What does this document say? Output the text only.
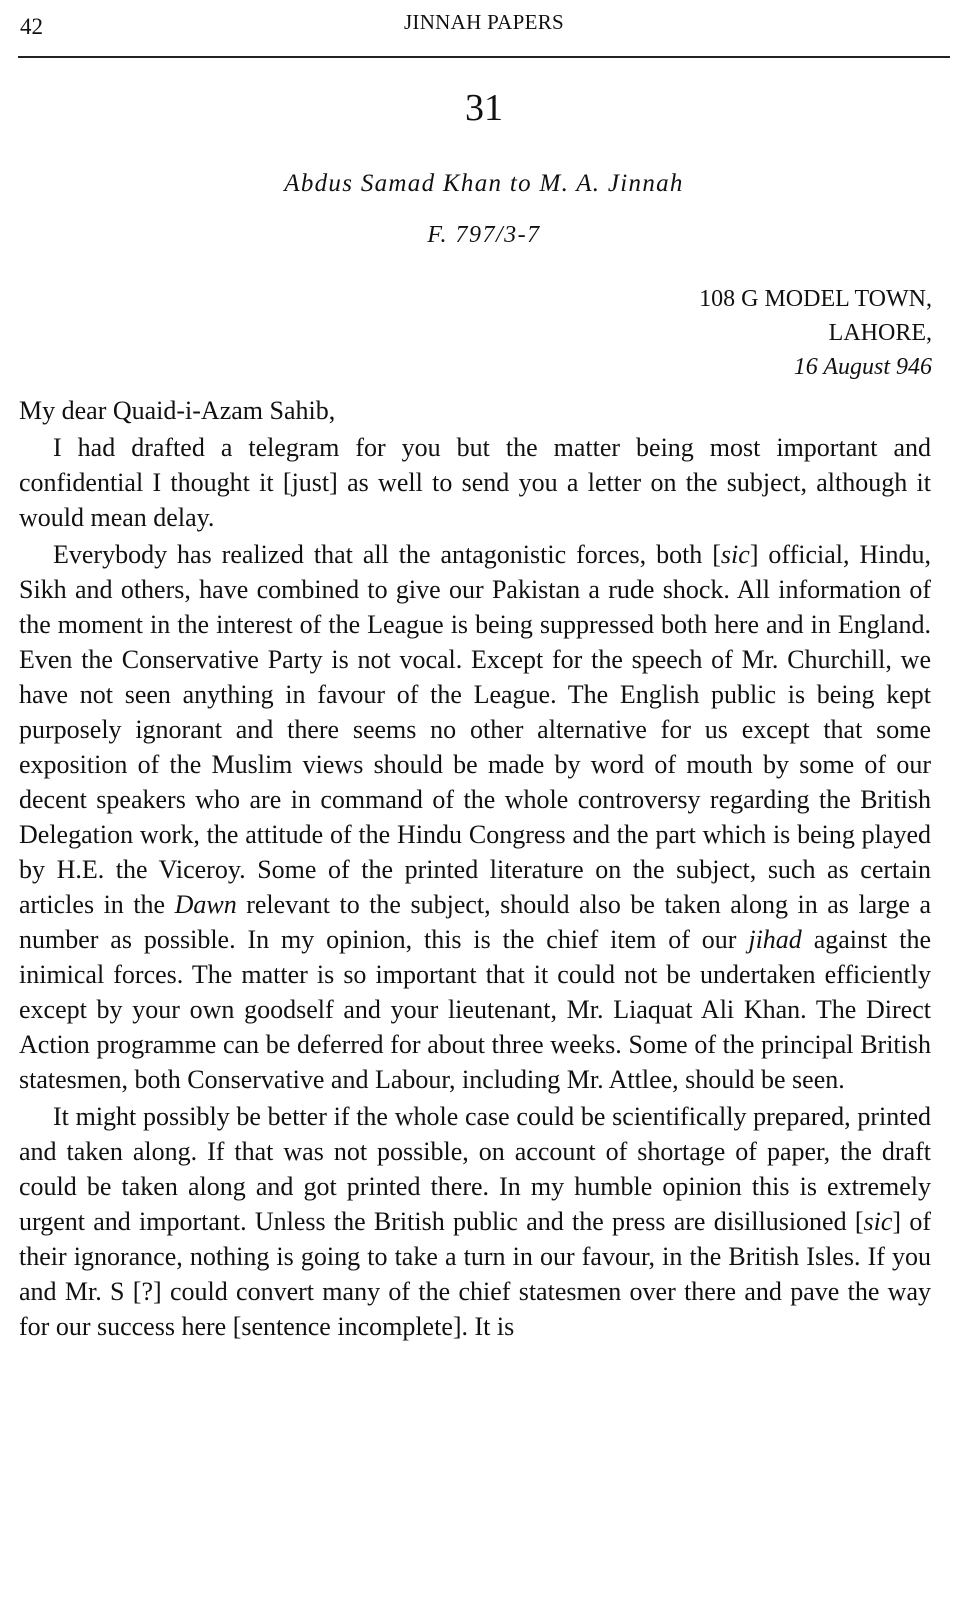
42	JINNAH PAPERS
31
Abdus Samad Khan to M. A. Jinnah
F. 797/3-7
108 G MODEL TOWN,
LAHORE,
16 August 946

My dear Quaid-i-Azam Sahib,

I had drafted a telegram for you but the matter being most important and confidential I thought it [just] as well to send you a letter on the subject, although it would mean delay.

Everybody has realized that all the antagonistic forces, both [sic] official, Hindu, Sikh and others, have combined to give our Pakistan a rude shock. All information of the moment in the interest of the League is being suppressed both here and in England. Even the Conservative Party is not vocal. Except for the speech of Mr. Churchill, we have not seen anything in favour of the League. The English public is being kept purposely ignorant and there seems no other alternative for us except that some exposition of the Muslim views should be made by word of mouth by some of our decent speakers who are in command of the whole controversy regarding the British Delegation work, the attitude of the Hindu Congress and the part which is being played by H.E. the Viceroy. Some of the printed literature on the subject, such as certain articles in the Dawn relevant to the subject, should also be taken along in as large a number as possible. In my opinion, this is the chief item of our jihad against the inimical forces. The matter is so important that it could not be undertaken efficiently except by your own goodself and your lieutenant, Mr. Liaquat Ali Khan. The Direct Action programme can be deferred for about three weeks. Some of the principal British statesmen, both Conservative and Labour, including Mr. Attlee, should be seen.

It might possibly be better if the whole case could be scientifically prepared, printed and taken along. If that was not possible, on account of shortage of paper, the draft could be taken along and got printed there. In my humble opinion this is extremely urgent and important. Unless the British public and the press are disillusioned [sic] of their ignorance, nothing is going to take a turn in our favour, in the British Isles. If you and Mr. S [?] could convert many of the chief statesmen over there and pave the way for our success here [sentence incomplete]. It is
